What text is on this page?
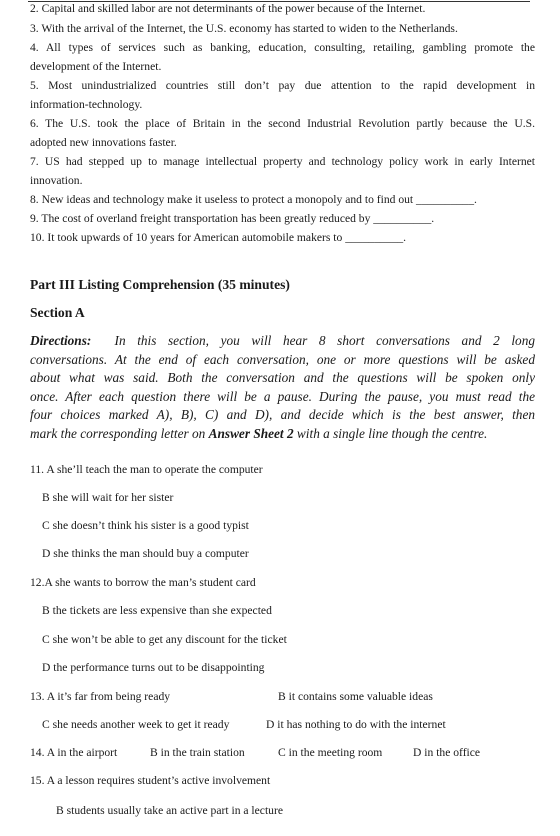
2. Capital and skilled labor are not determinants of the power because of the Internet.

3. With the arrival of the Internet, the U.S. economy has started to widen to the Netherlands.

4. All types of services such as banking, education, consulting, retailing, gambling promote the

development of the Internet.

5. Most unindustrialized countries still don’t pay due attention to the rapid development in

information-technology.

6. The U.S. took the place of Britain in the second Industrial Revolution partly because the U.S.

adopted new innovations faster.

7. US had stepped up to manage intellectual property and technology policy work in early Internet

innovation.

8. New ideas and technology make it useless to protect a monopoly and to find out __________.

9. The cost of overland freight transportation has been greatly reduced by __________.

10. It took upwards of 10 years for American automobile makers to __________.

Part III Listing Comprehension (35 minutes)

Section A

Directions: In this section, you will hear 8 short conversations and 2 long
conversations. At the end of each conversation, one or more questions will be asked
about what was said. Both the conversation and the questions will be spoken only
once. After each question there will be a pause. During the pause, you must read the
four choices marked A), B), C) and D), and decide which is the best answer, then
mark the corresponding letter on Answer Sheet 2 with a single line though the centre.

11. A she’ll teach the man to operate the computer

B she will wait for her sister

C she doesn’t think his sister is a good typist

D she thinks the man should buy a computer

12.A she wants to borrow the man’s student card

B the tickets are less expensive than she expected

C she won’t be able to get any discount for the ticket

D the performance turns out to be disappointing

13. A it’s far from being ready	B it contains some valuable ideas

C she needs another week to get it ready	D it has nothing to do with the internet

14. A in the airport	B in the train station	C in the meeting room	D in the office

15. A a lesson requires student’s active involvement

B students usually take an active part in a lecture
